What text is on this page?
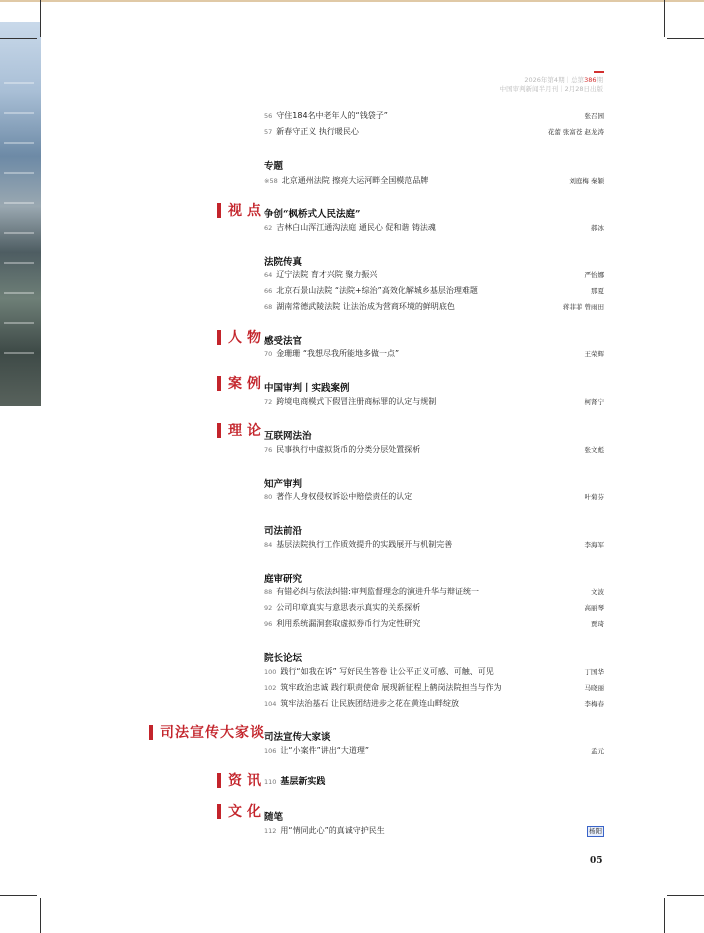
2026年第4期｜总第386期
中国审判新闻半月刊｜2月28日出版
视点
人物
案例
理论
司法宣传大家谈
资讯
文化
专题
争创“枫桥式人民法庭”
法院传真
感受法官
中国审判丨实践案例
互联网法治
知产审判
司法前沿
庭审研究
院长论坛
司法宣传大家谈
随笔
56 守住184名中老年人的“钱袋子”	张召园
57 新春守正义 执行暖民心	花蕾 张富苍 赵龙涛
※58 北京通州法院 擦亮大运河畔全国模范品牌	刘庭梅 秦颖
62 吉林白山浑江通沟法庭 通民心 促和谐 铸法魂	郝冰
64 辽宁法院 育才兴院 聚力振兴	严怡娜
66 北京石景山法院 “法院+综治”高效化解城乡基层治理难题	那夏
68 湖南常德武陵法院 让法治成为营商环境的鲜明底色	蒋菲菲 曾雨田
70 金珊珊 “我想尽我所能地多做一点”	王荣辉
72 跨境电商模式下假冒注册商标罪的认定与规制	柯肾宁
76 民事执行中虚拟货币的分类分层处置探析	张文彪
80 著作人身权侵权诉讼中赔偿责任的认定	叶菊芬
84 基层法院执行工作质效提升的实践展开与机制完善	李海军
88 有错必纠与依法纠错:审判监督理念的演进升华与辩证统一	文波
92 公司印章真实与意思表示真实的关系探析	高丽琴
96 利用系统漏洞套取虚拟券币行为定性研究	贾琦
100 践行“如我在诉” 写好民生答卷 让公平正义可感、可触、可见	丁国华
102 筑牢政治忠诚 践行职责使命 展现新征程上鹤岗法院担当与作为	马晓丽
104 筑牢法治基石 让民族团结进步之花在黄连山畔绽放	李梅春
106 让“小案件”讲出“大道理”	孟元
110 基层新实践
112 用“情同此心”的真诚守护民生	杨阳
05
